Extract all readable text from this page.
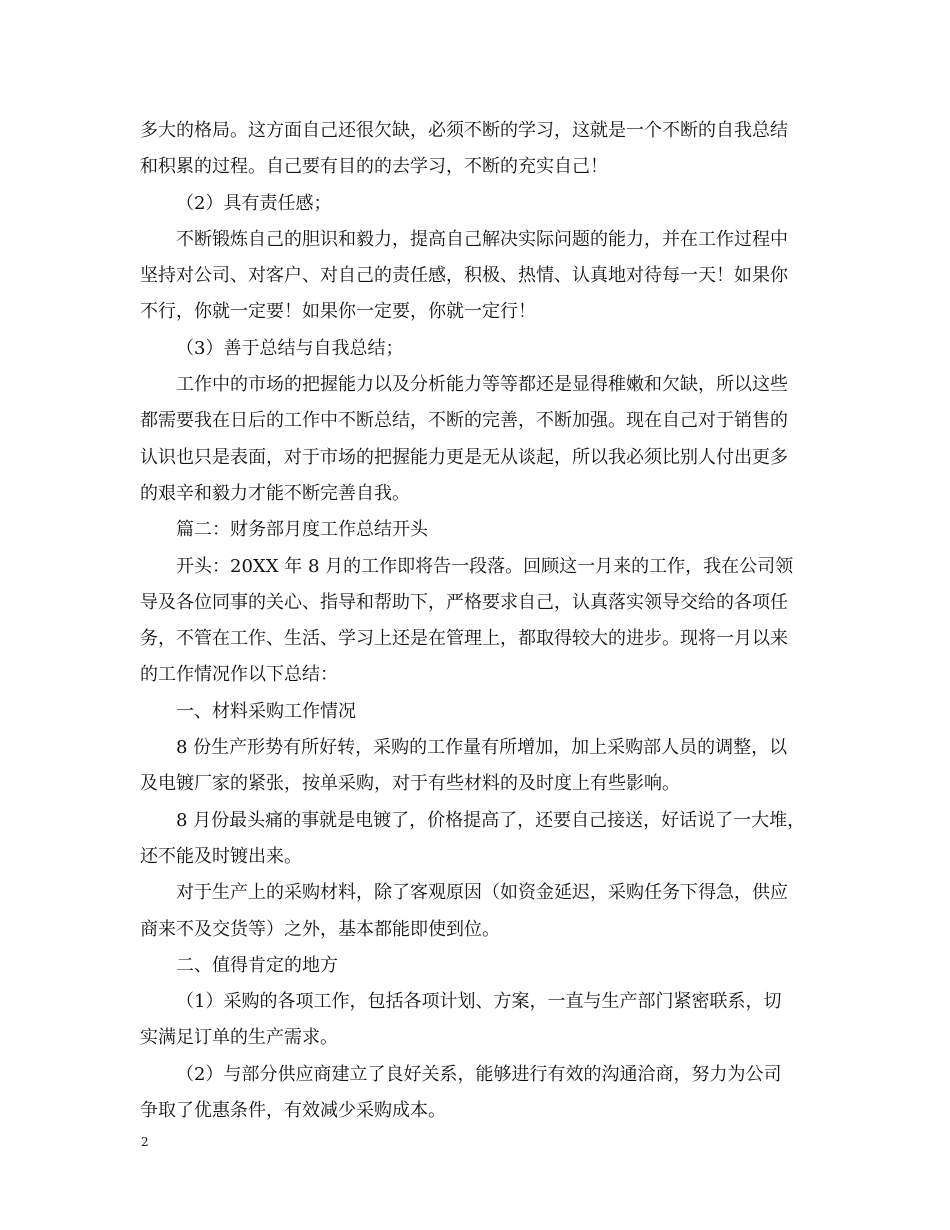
多大的格局。这方面自己还很欠缺，必须不断的学习，这就是一个不断的自我总结

和积累的过程。自己要有目的的去学习，不断的充实自己！

（2）具有责任感；

不断锻炼自己的胆识和毅力，提高自己解决实际问题的能力，并在工作过程中

坚持对公司、对客户、对自己的责任感，积极、热情、认真地对待每一天！如果你

不行，你就一定要！如果你一定要，你就一定行！

（3）善于总结与自我总结；

工作中的市场的把握能力以及分析能力等等都还是显得稚嫩和欠缺，所以这些

都需要我在日后的工作中不断总结，不断的完善，不断加强。现在自己对于销售的

认识也只是表面，对于市场的把握能力更是无从谈起，所以我必须比别人付出更多

的艰辛和毅力才能不断完善自我。

篇二：财务部月度工作总结开头

开头：20XX 年 8 月的工作即将告一段落。回顾这一月来的工作，我在公司领

导及各位同事的关心、指导和帮助下，严格要求自己，认真落实领导交给的各项任

务，不管在工作、生活、学习上还是在管理上，都取得较大的进步。现将一月以来

的工作情况作以下总结：

一、材料采购工作情况

8 份生产形势有所好转，采购的工作量有所增加，加上采购部人员的调整，以

及电镀厂家的紧张，按单采购，对于有些材料的及时度上有些影响。

8 月份最头痛的事就是电镀了，价格提高了，还要自己接送，好话说了一大堆，

还不能及时镀出来。

对于生产上的采购材料，除了客观原因（如资金延迟，采购任务下得急，供应

商来不及交货等）之外，基本都能即使到位。

二、值得肯定的地方

（1）采购的各项工作，包括各项计划、方案，一直与生产部门紧密联系，切

实满足订单的生产需求。

（2）与部分供应商建立了良好关系，能够进行有效的沟通洽商，努力为公司

争取了优惠条件，有效减少采购成本。

2
